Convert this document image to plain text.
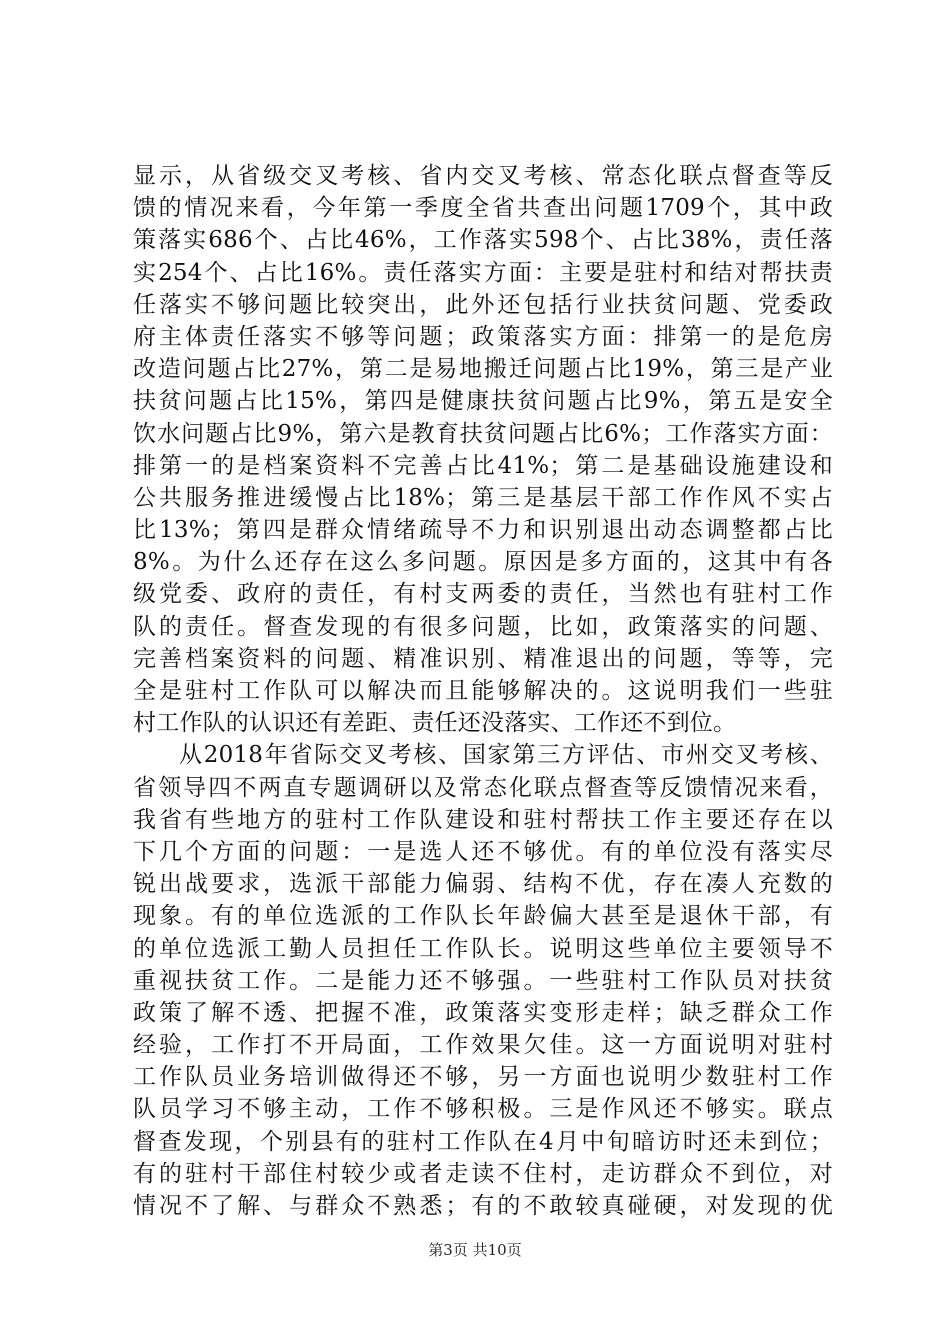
显示，从省级交叉考核、省内交叉考核、常态化联点督查等反
馈的情况来看，今年第一季度全省共查出问题1709个，其中政
策落实686个、占比46%，工作落实598个、占比38%，责任落
实254个、占比16%。责任落实方面：主要是驻村和结对帮扶责
任落实不够问题比较突出，此外还包括行业扶贫问题、党委政
府主体责任落实不够等问题；政策落实方面：排第一的是危房
改造问题占比27%，第二是易地搬迁问题占比19%，第三是产业
扶贫问题占比15%，第四是健康扶贫问题占比9%，第五是安全
饮水问题占比9%，第六是教育扶贫问题占比6%；工作落实方面：
排第一的是档案资料不完善占比41%；第二是基础设施建设和
公共服务推进缓慢占比18%；第三是基层干部工作作风不实占
比13%；第四是群众情绪疏导不力和识别退出动态调整都占比
8%。为什么还存在这么多问题。原因是多方面的，这其中有各
级党委、政府的责任，有村支两委的责任，当然也有驻村工作
队的责任。督查发现的有很多问题，比如，政策落实的问题、
完善档案资料的问题、精准识别、精准退出的问题，等等，完
全是驻村工作队可以解决而且能够解决的。这说明我们一些驻
村工作队的认识还有差距、责任还没落实、工作还不到位。
从2018年省际交叉考核、国家第三方评估、市州交叉考核、
省领导四不两直专题调研以及常态化联点督查等反馈情况来看，
我省有些地方的驻村工作队建设和驻村帮扶工作主要还存在以
下几个方面的问题：一是选人还不够优。有的单位没有落实尽
锐出战要求，选派干部能力偏弱、结构不优，存在凑人充数的
现象。有的单位选派的工作队长年龄偏大甚至是退休干部，有
的单位选派工勤人员担任工作队长。说明这些单位主要领导不
重视扶贫工作。二是能力还不够强。一些驻村工作队员对扶贫
政策了解不透、把握不准，政策落实变形走样；缺乏群众工作
经验，工作打不开局面，工作效果欠佳。这一方面说明对驻村
工作队员业务培训做得还不够，另一方面也说明少数驻村工作
队员学习不够主动，工作不够积极。三是作风还不够实。联点
督查发现，个别县有的驻村工作队在4月中旬暗访时还未到位；
有的驻村干部住村较少或者走读不住村，走访群众不到位，对
情况不了解、与群众不熟悉；有的不敢较真碰硬，对发现的优
第3页 共10页
